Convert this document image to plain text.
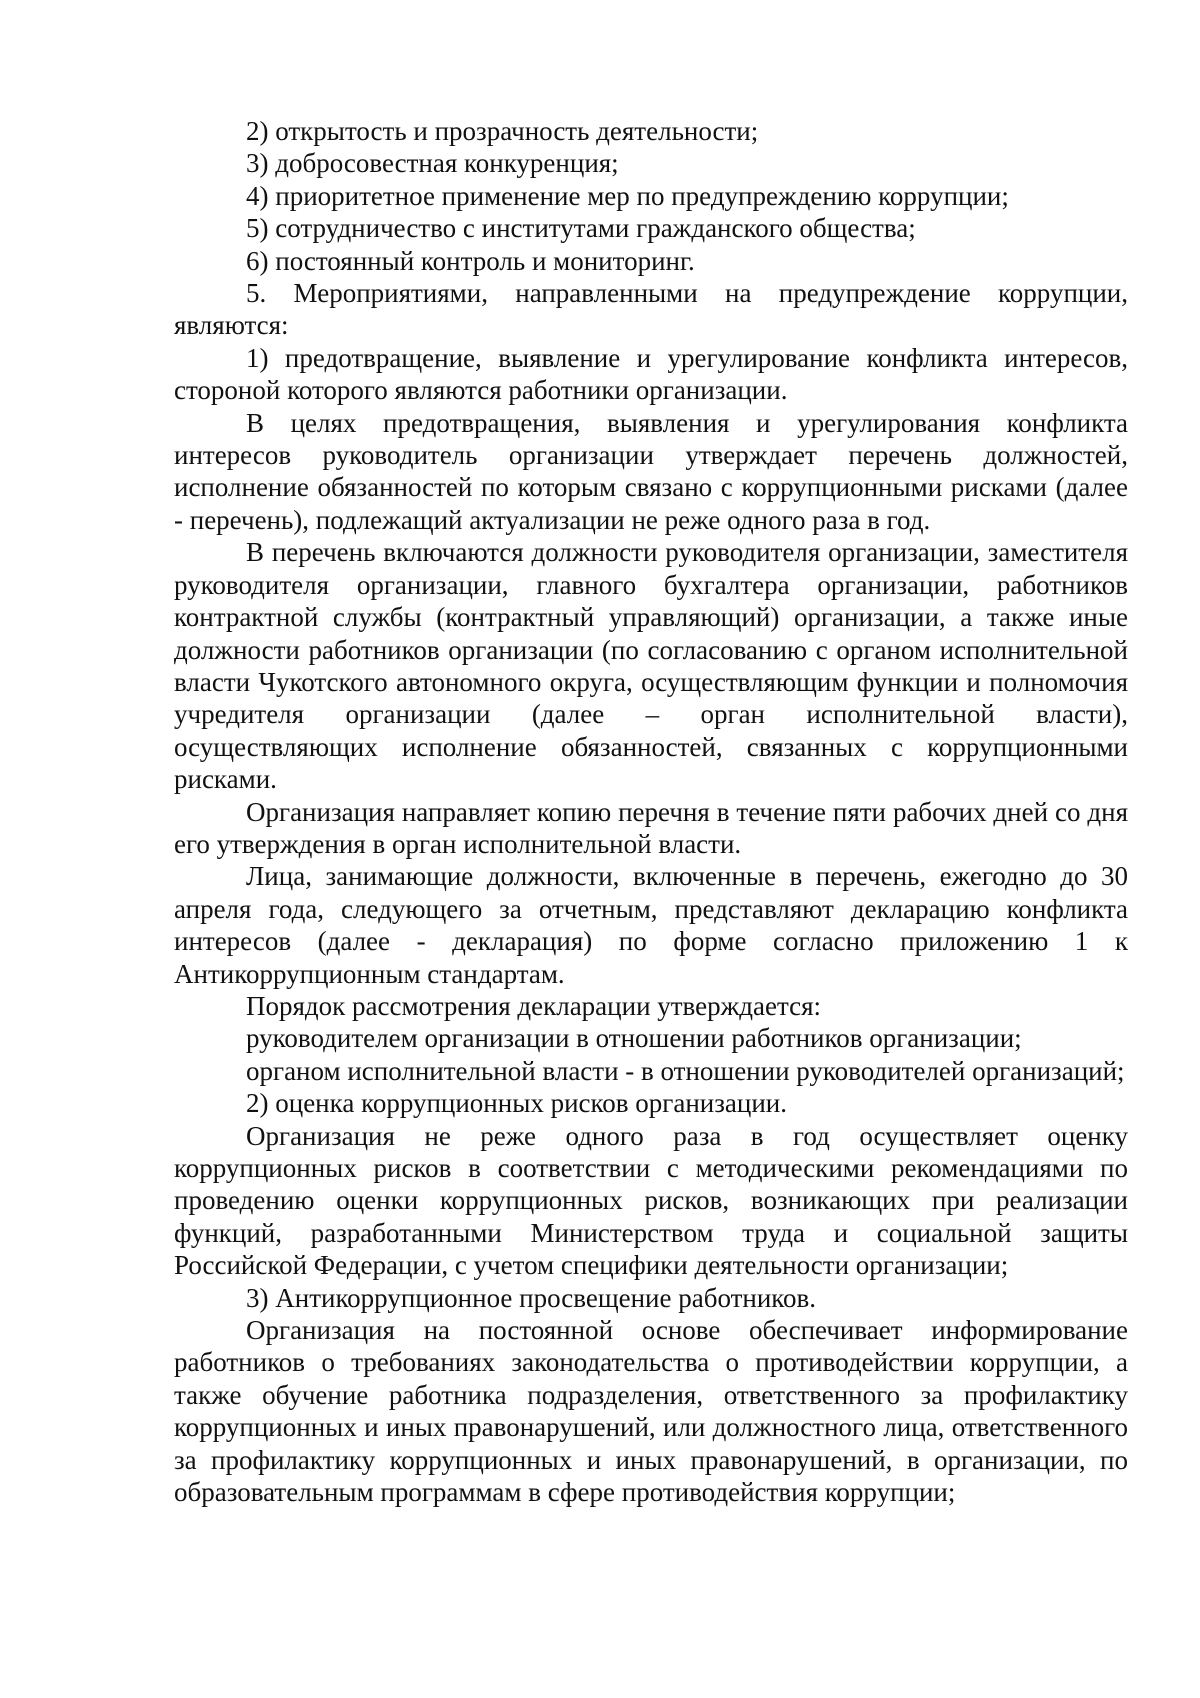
2) открытость и прозрачность деятельности;

3) добросовестная конкуренция;

4) приоритетное применение мер по предупреждению коррупции;

5) сотрудничество с институтами гражданского общества;

6) постоянный контроль и мониторинг.

5. Мероприятиями, направленными на предупреждение коррупции, являются:

1) предотвращение, выявление и урегулирование конфликта интересов, стороной которого являются работники организации.

В целях предотвращения, выявления и урегулирования конфликта интересов руководитель организации утверждает перечень должностей, исполнение обязанностей по которым связано с коррупционными рисками (далее - перечень), подлежащий актуализации не реже одного раза в год.

В перечень включаются должности руководителя организации, заместителя руководителя организации, главного бухгалтера организации, работников контрактной службы (контрактный управляющий) организации, а также иные должности работников организации (по согласованию с органом исполнительной власти Чукотского автономного округа, осуществляющим функции и полномочия учредителя организации (далее – орган исполнительной власти), осуществляющих исполнение обязанностей, связанных с коррупционными рисками.

Организация направляет копию перечня в течение пяти рабочих дней со дня его утверждения в орган исполнительной власти.

Лица, занимающие должности, включенные в перечень, ежегодно до 30 апреля года, следующего за отчетным, представляют декларацию конфликта интересов (далее - декларация) по форме согласно приложению 1 к Антикоррупционным стандартам.

Порядок рассмотрения декларации утверждается:

руководителем организации в отношении работников организации;

органом исполнительной власти - в отношении руководителей организаций;

2) оценка коррупционных рисков организации.

Организация не реже одного раза в год осуществляет оценку коррупционных рисков в соответствии с методическими рекомендациями по проведению оценки коррупционных рисков, возникающих при реализации функций, разработанными Министерством труда и социальной защиты Российской Федерации, с учетом специфики деятельности организации;

3) Антикоррупционное просвещение работников.

Организация на постоянной основе обеспечивает информирование работников о требованиях законодательства о противодействии коррупции, а также обучение работника подразделения, ответственного за профилактику коррупционных и иных правонарушений, или должностного лица, ответственного за профилактику коррупционных и иных правонарушений, в организации, по образовательным программам в сфере противодействия коррупции;
